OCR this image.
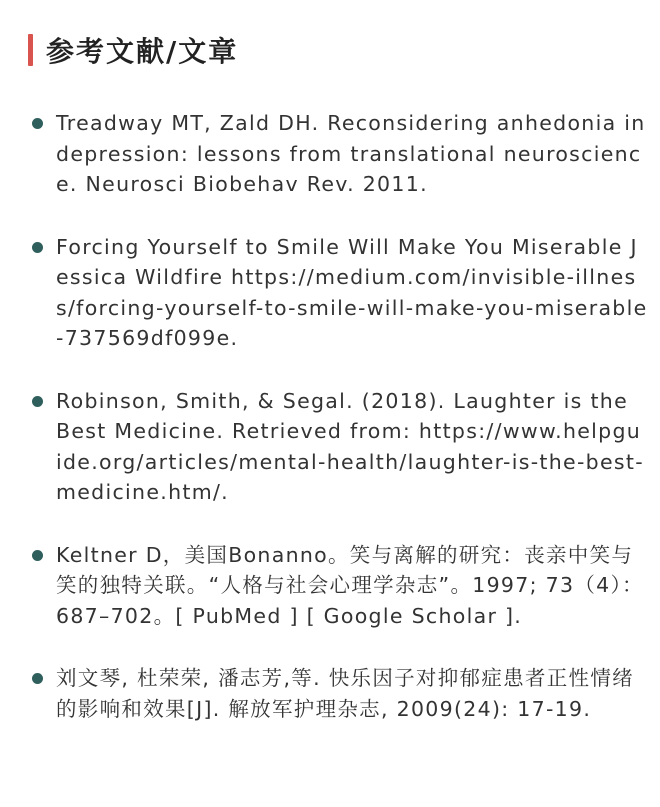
参考文献/文章
Treadway MT, Zald DH. Reconsidering anhedonia in depression: lessons from translational neuroscience. Neurosci Biobehav Rev. 2011.
Forcing Yourself to Smile Will Make You Miserable Jessica Wildfire https://medium.com/invisible-illness/forcing-yourself-to-smile-will-make-you-miserable-737569df099e.
Robinson, Smith, & Segal. (2018). Laughter is the Best Medicine. Retrieved from: https://www.helpguide.org/articles/mental-health/laughter-is-the-best-medicine.htm/.
Keltner D，美国Bonanno。笑与离解的研究：丧亲中笑与笑的独特关联。“人格与社会心理学杂志”。1997; 73（4）：687–702。[ PubMed ] [ Google Scholar ].
刘文琴, 杜荣荣, 潘志芳,等. 快乐因子对抑郁症患者正性情绪的影响和效果[J]. 解放军护理杂志, 2009(24): 17-19.
